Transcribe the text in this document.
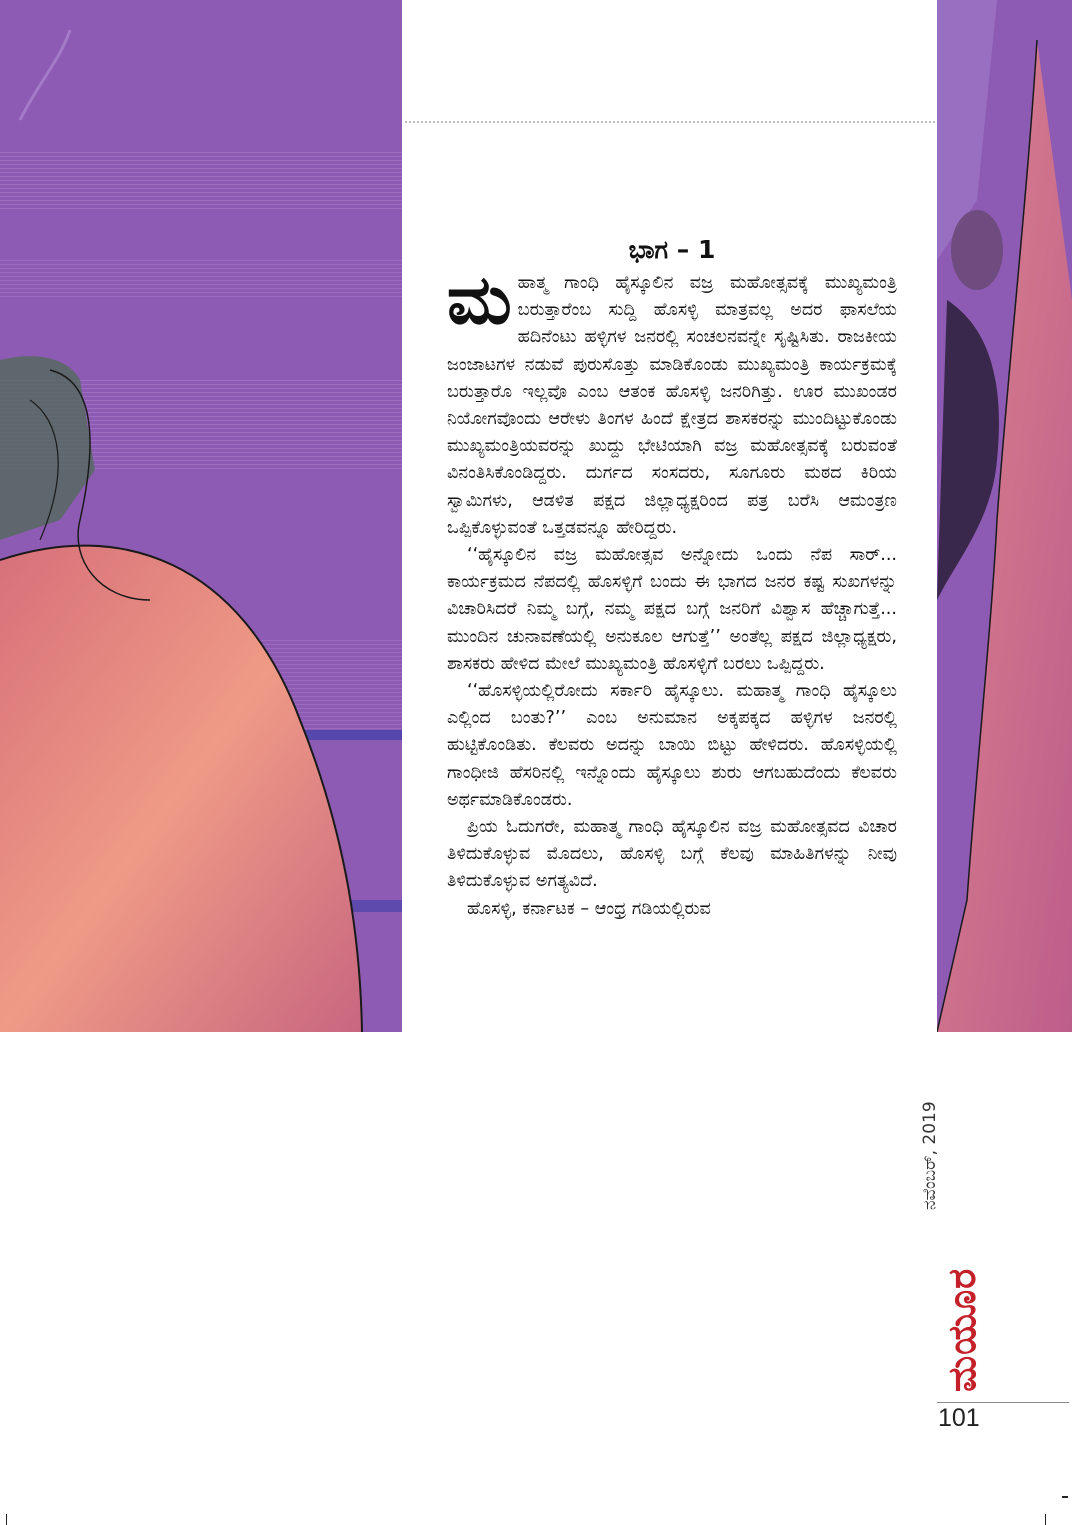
ಭಾಗ – 1

ಮಹಾತ್ಮ ಗಾಂಧಿ ಹೈಸ್ಕೂಲಿನ ವಜ್ರ ಮಹೋತ್ಸವಕ್ಕೆ ಮುಖ್ಯಮಂತ್ರಿ ಬರುತ್ತಾರೆಂಬ ಸುದ್ದಿ ಹೊಸಳ್ಳಿ ಮಾತ್ರವಲ್ಲ ಅದರ ಫಾಸಲೆಯ ಹದಿನೆಂಟು ಹಳ್ಳಿಗಳ ಜನರಲ್ಲಿ ಸಂಚಲನವನ್ನೇ ಸೃಷ್ಟಿಸಿತು. ರಾಜಕೀಯ ಜಂಜಾಟಗಳ ನಡುವೆ ಪುರುಸೊತ್ತು ಮಾಡಿಕೊಂಡು ಮುಖ್ಯಮಂತ್ರಿ ಕಾರ್ಯಕ್ರಮಕ್ಕೆ ಬರುತ್ತಾರೊ ಇಲ್ಲವೊ ಎಂಬ ಆತಂಕ ಹೊಸಳ್ಳಿ ಜನರಿಗಿತ್ತು. ಊರ ಮುಖಂಡರ ನಿಯೋಗವೊಂದು ಆರೇಳು ತಿಂಗಳ ಹಿಂದೆ ಕ್ಷೇತ್ರದ ಶಾಸಕರನ್ನು ಮುಂದಿಟ್ಟುಕೊಂಡು ಮುಖ್ಯಮಂತ್ರಿಯವರನ್ನು ಖುದ್ದು ಭೇಟಿಯಾಗಿ ವಜ್ರ ಮಹೋತ್ಸವಕ್ಕೆ ಬರುವಂತೆ ವಿನಂತಿಸಿಕೊಂಡಿದ್ದರು. ದುರ್ಗದ ಸಂಸದರು, ಸೂಗೂರು ಮಠದ ಕಿರಿಯ ಸ್ವಾಮಿಗಳು, ಆಡಳಿತ ಪಕ್ಷದ ಜಿಲ್ಲಾಧ್ಯಕ್ಷರಿಂದ ಪತ್ರ ಬರೆಸಿ ಆಮಂತ್ರಣ ಒಪ್ಪಿಕೊಳ್ಳುವಂತೆ ಒತ್ತಡವನ್ನೂ ಹೇರಿದ್ದರು.

‘‘ಹೈಸ್ಕೂಲಿನ ವಜ್ರ ಮಹೋತ್ಸವ ಅನ್ನೋದು ಒಂದು ನೆಪ ಸಾರ್... ಕಾರ್ಯಕ್ರಮದ ನೆಪದಲ್ಲಿ ಹೊಸಳ್ಳಿಗೆ ಬಂದು ಈ ಭಾಗದ ಜನರ ಕಷ್ಟ ಸುಖಗಳನ್ನು ವಿಚಾರಿಸಿದರೆ ನಿಮ್ಮ ಬಗ್ಗೆ, ನಮ್ಮ ಪಕ್ಷದ ಬಗ್ಗೆ ಜನರಿಗೆ ವಿಶ್ವಾಸ ಹೆಚ್ಚಾಗುತ್ತೆ... ಮುಂದಿನ ಚುನಾವಣೆಯಲ್ಲಿ ಅನುಕೂಲ ಆಗುತ್ತೆ’’ ಅಂತೆಲ್ಲ ಪಕ್ಷದ ಜಿಲ್ಲಾಧ್ಯಕ್ಷರು, ಶಾಸಕರು ಹೇಳಿದ ಮೇಲೆ ಮುಖ್ಯಮಂತ್ರಿ ಹೊಸಳ್ಳಿಗೆ ಬರಲು ಒಪ್ಪಿದ್ದರು.

‘‘ಹೊಸಳ್ಳಿಯಲ್ಲಿರೋದು ಸರ್ಕಾರಿ ಹೈಸ್ಕೂಲು. ಮಹಾತ್ಮ ಗಾಂಧಿ ಹೈಸ್ಕೂಲು ಎಲ್ಲಿಂದ ಬಂತು?’’ ಎಂಬ ಅನುಮಾನ ಅಕ್ಕಪಕ್ಕದ ಹಳ್ಳಿಗಳ ಜನರಲ್ಲಿ ಹುಟ್ಟಿಕೊಂಡಿತು. ಕೆಲವರು ಅದನ್ನು ಬಾಯಿ ಬಿಟ್ಟು ಹೇಳಿದರು. ಹೊಸಳ್ಳಿಯಲ್ಲಿ ಗಾಂಧೀಜಿ ಹೆಸರಿನಲ್ಲಿ ಇನ್ನೊಂದು ಹೈಸ್ಕೂಲು ಶುರು ಆಗಬಹುದೆಂದು ಕೆಲವರು ಅರ್ಥಮಾಡಿಕೊಂಡರು.

ಪ್ರಿಯ ಓದುಗರೇ, ಮಹಾತ್ಮ ಗಾಂಧಿ ಹೈಸ್ಕೂಲಿನ ವಜ್ರ ಮಹೋತ್ಸವದ ವಿಚಾರ ತಿಳಿದುಕೊಳ್ಳುವ ಮೊದಲು, ಹೊಸಳ್ಳಿ ಬಗ್ಗೆ ಕೆಲವು ಮಾಹಿತಿಗಳನ್ನು ನೀವು ತಿಳಿದುಕೊಳ್ಳುವ ಅಗತ್ಯವಿದೆ.

ಹೊಸಳ್ಳಿ, ಕರ್ನಾಟಕ – ಆಂಧ್ರ ಗಡಿಯಲ್ಲಿರುವ

ನವೆಂಬರ್, 2019
ಮಯೂರ
101
